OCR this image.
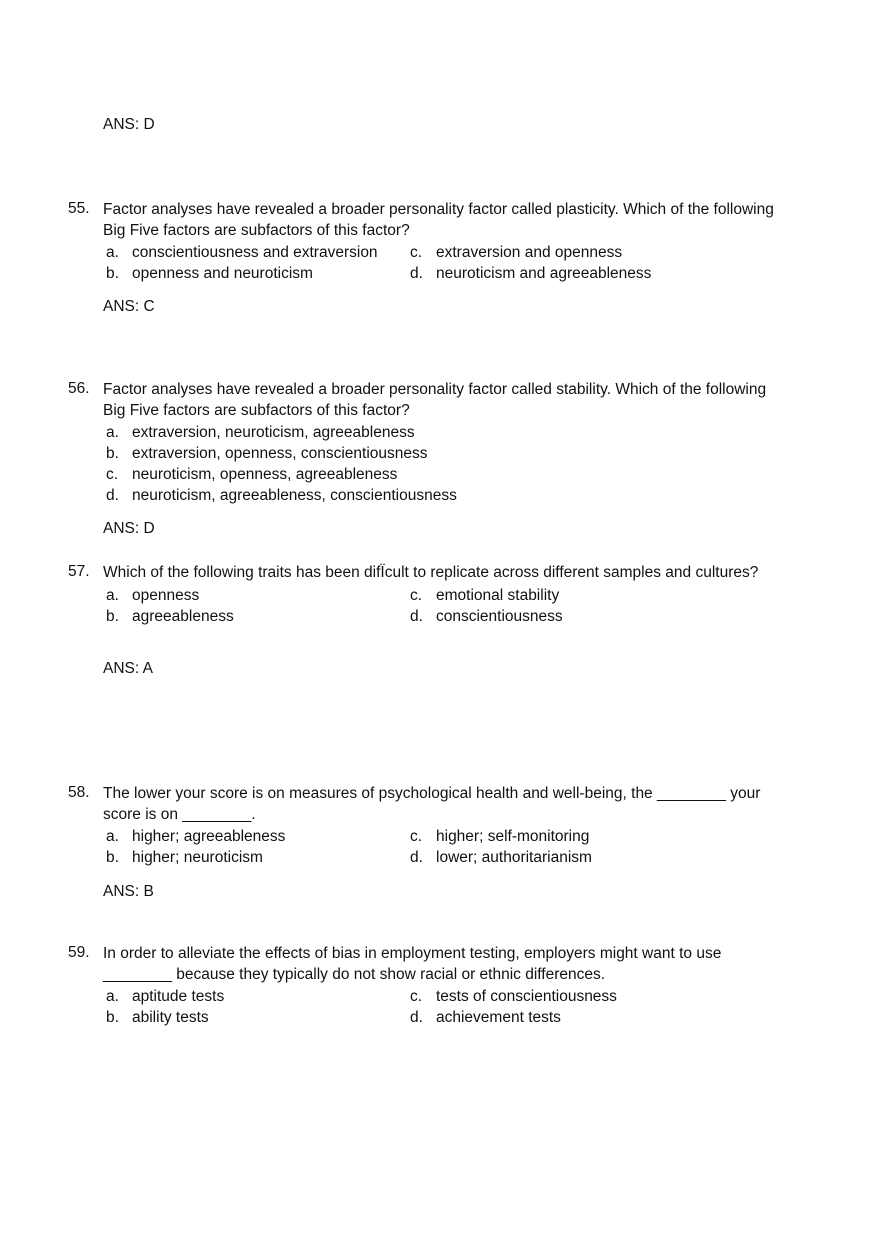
ANS: D
55. Factor analyses have revealed a broader personality factor called plasticity. Which of the following Big Five factors are subfactors of this factor?
a. conscientiousness and extraversion	c. extraversion and openness
b. openness and neuroticism	d. neuroticism and agreeableness
ANS: C
56. Factor analyses have revealed a broader personality factor called stability. Which of the following Big Five factors are subfactors of this factor?
a. extraversion, neuroticism, agreeableness
b. extraversion, openness, conscientiousness
c. neuroticism, openness, agreeableness
d. neuroticism, agreeableness, conscientiousness
ANS: D
57. Which of the following traits has been difÏcult to replicate across different samples and cultures?
a. openness	c. emotional stability
b. agreeableness	d. conscientiousness
ANS: A
58. The lower your score is on measures of psychological health and well-being, the ________ your score is on ________.
a. higher; agreeableness	c. higher; self-monitoring
b. higher; neuroticism	d. lower; authoritarianism
ANS: B
59. In order to alleviate the effects of bias in employment testing, employers might want to use ________ because they typically do not show racial or ethnic differences.
a. aptitude tests	c. tests of conscientiousness
b. ability tests	d. achievement tests
